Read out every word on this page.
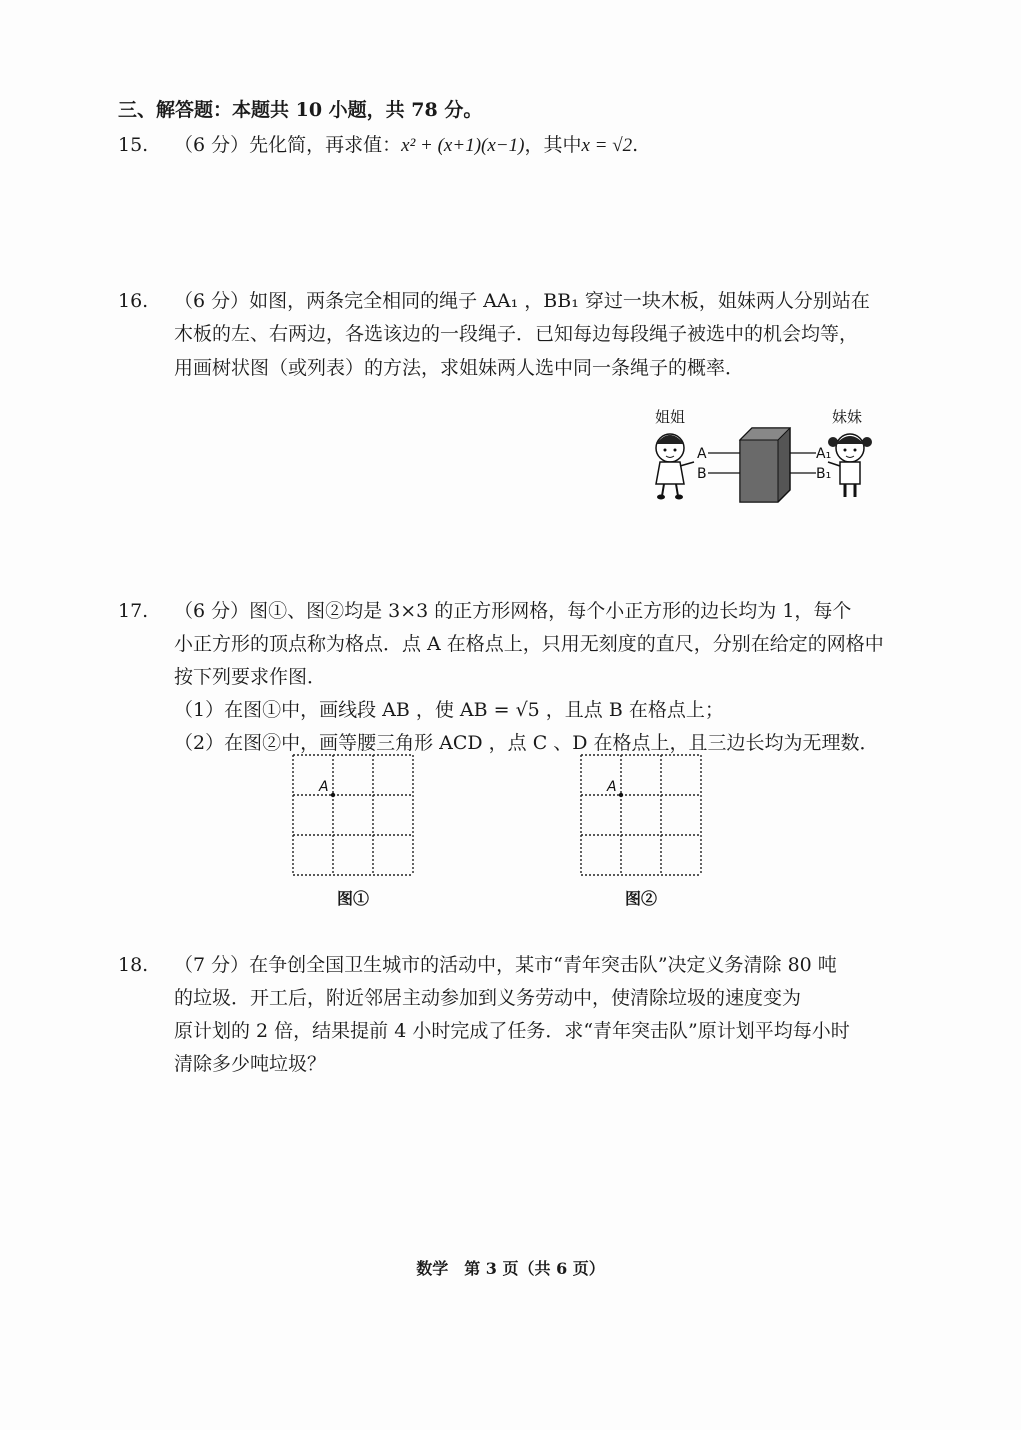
三、解答题：本题共 10 小题，共 78 分。
15. （6 分）先化简，再求值：x² + (x+1)(x−1)，其中x = √2.
16. （6 分）如图，两条完全相同的绳子 AA₁ ，BB₁ 穿过一块木板，姐妹两人分别站在
木板的左、右两边，各选该边的一段绳子．已知每边每段绳子被选中的机会均等，
用画树状图（或列表）的方法，求姐妹两人选中同一条绳子的概率．
姐姐	妹妹
A
B
A₁
B₁
17. （6 分）图①、图②均是 3×3 的正方形网格，每个小正方形的边长均为 1，每个
小正方形的顶点称为格点．点 A 在格点上，只用无刻度的直尺，分别在给定的网格中
按下列要求作图．
（1）在图①中，画线段 AB ，使 AB = √5 ，且点 B 在格点上；
（2）在图②中，画等腰三角形 ACD ，点 C 、D 在格点上，且三边长均为无理数．
A
图①
A
图②
18. （7 分）在争创全国卫生城市的活动中，某市“青年突击队”决定义务清除 80 吨
的垃圾．开工后，附近邻居主动参加到义务劳动中，使清除垃圾的速度变为
原计划的 2 倍，结果提前 4 小时完成了任务．求“青年突击队”原计划平均每小时
清除多少吨垃圾？
数学　第 3 页（共 6 页）
